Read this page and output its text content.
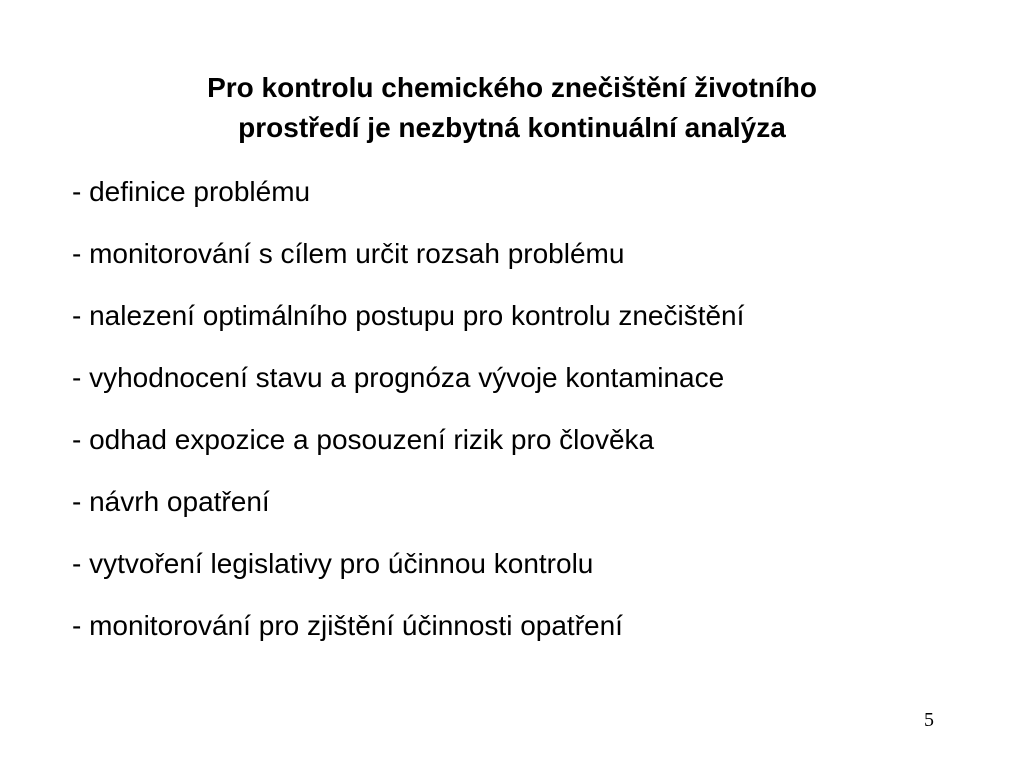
Pro kontrolu chemického znečištění životního
prostředí je nezbytná kontinuální analýza
- definice problému
- monitorování s cílem určit rozsah problému
- nalezení optimálního postupu pro kontrolu znečištění
- vyhodnocení stavu a prognóza vývoje kontaminace
- odhad expozice a posouzení rizik pro člověka
- návrh opatření
- vytvoření legislativy pro účinnou kontrolu
- monitorování pro zjištění účinnosti opatření
5
